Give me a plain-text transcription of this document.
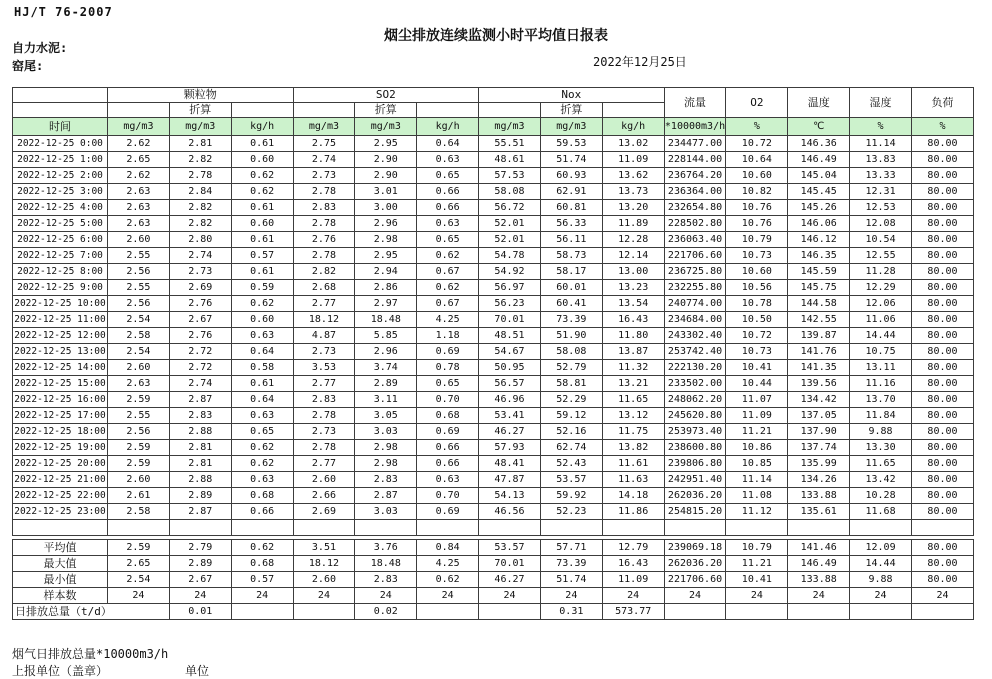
HJ/T 76-2007
烟尘排放连续监测小时平均值日报表
自力水泥:
窑尾:	2022年12月25日
	颗粒物			SO2			Nox			流量	O2	温度	湿度	负荷
		折算			折算			折算						
时间	mg/m3	mg/m3	kg/h	mg/m3	mg/m3	kg/h	mg/m3	mg/m3	kg/h	*10000m3/h	%	℃	%	%
2022-12-25 0:00	2.62	2.81	0.61	2.75	2.95	0.64	55.51	59.53	13.02	234477.00	10.72	146.36	11.14	80.00
2022-12-25 1:00	2.65	2.82	0.60	2.74	2.90	0.63	48.61	51.74	11.09	228144.00	10.64	146.49	13.83	80.00
2022-12-25 2:00	2.62	2.78	0.62	2.73	2.90	0.65	57.53	60.93	13.62	236764.20	10.60	145.04	13.33	80.00
2022-12-25 3:00	2.63	2.84	0.62	2.78	3.01	0.66	58.08	62.91	13.73	236364.00	10.82	145.45	12.31	80.00
2022-12-25 4:00	2.63	2.82	0.61	2.83	3.00	0.66	56.72	60.81	13.20	232654.80	10.76	145.26	12.53	80.00
2022-12-25 5:00	2.63	2.82	0.60	2.78	2.96	0.63	52.01	56.33	11.89	228502.80	10.76	146.06	12.08	80.00
2022-12-25 6:00	2.60	2.80	0.61	2.76	2.98	0.65	52.01	56.11	12.28	236063.40	10.79	146.12	10.54	80.00
2022-12-25 7:00	2.55	2.74	0.57	2.78	2.95	0.62	54.78	58.73	12.14	221706.60	10.73	146.35	12.55	80.00
2022-12-25 8:00	2.56	2.73	0.61	2.82	2.94	0.67	54.92	58.17	13.00	236725.80	10.60	145.59	11.28	80.00
2022-12-25 9:00	2.55	2.69	0.59	2.68	2.86	0.62	56.97	60.01	13.23	232255.80	10.56	145.75	12.29	80.00
2022-12-25 10:00	2.56	2.76	0.62	2.77	2.97	0.67	56.23	60.41	13.54	240774.00	10.78	144.58	12.06	80.00
2022-12-25 11:00	2.54	2.67	0.60	18.12	18.48	4.25	70.01	73.39	16.43	234684.00	10.50	142.55	11.06	80.00
2022-12-25 12:00	2.58	2.76	0.63	4.87	5.85	1.18	48.51	51.90	11.80	243302.40	10.72	139.87	14.44	80.00
2022-12-25 13:00	2.54	2.72	0.64	2.73	2.96	0.69	54.67	58.08	13.87	253742.40	10.73	141.76	10.75	80.00
2022-12-25 14:00	2.60	2.72	0.58	3.53	3.74	0.78	50.95	52.79	11.32	222130.20	10.41	141.35	13.11	80.00
2022-12-25 15:00	2.63	2.74	0.61	2.77	2.89	0.65	56.57	58.81	13.21	233502.00	10.44	139.56	11.16	80.00
2022-12-25 16:00	2.59	2.87	0.64	2.83	3.11	0.70	46.96	52.29	11.65	248062.20	11.07	134.42	13.70	80.00
2022-12-25 17:00	2.55	2.83	0.63	2.78	3.05	0.68	53.41	59.12	13.12	245620.80	11.09	137.05	11.84	80.00
2022-12-25 18:00	2.56	2.88	0.65	2.73	3.03	0.69	46.27	52.16	11.75	253973.40	11.21	137.90	9.88	80.00
2022-12-25 19:00	2.59	2.81	0.62	2.78	2.98	0.66	57.93	62.74	13.82	238600.80	10.86	137.74	13.30	80.00
2022-12-25 20:00	2.59	2.81	0.62	2.77	2.98	0.66	48.41	52.43	11.61	239806.80	10.85	135.99	11.65	80.00
2022-12-25 21:00	2.60	2.88	0.63	2.60	2.83	0.63	47.87	53.57	11.63	242951.40	11.14	134.26	13.42	80.00
2022-12-25 22:00	2.61	2.89	0.68	2.66	2.87	0.70	54.13	59.92	14.18	262036.20	11.08	133.88	10.28	80.00
2022-12-25 23:00	2.58	2.87	0.66	2.69	3.03	0.69	46.56	52.23	11.86	254815.20	11.12	135.61	11.68	80.00

平均值	2.59	2.79	0.62	3.51	3.76	0.84	53.57	57.71	12.79	239069.18	10.79	141.46	12.09	80.00
最大值	2.65	2.89	0.68	18.12	18.48	4.25	70.01	73.39	16.43	262036.20	11.21	146.49	14.44	80.00
最小值	2.54	2.67	0.57	2.60	2.83	0.62	46.27	51.74	11.09	221706.60	10.41	133.88	9.88	80.00
样本数	24	24	24	24	24	24	24	24	24	24	24	24	24	24
日排放总量（t/d）		0.01			0.02			0.31	573.77					
烟气日排放总量*10000m3/h
上报单位（盖章）	单位
